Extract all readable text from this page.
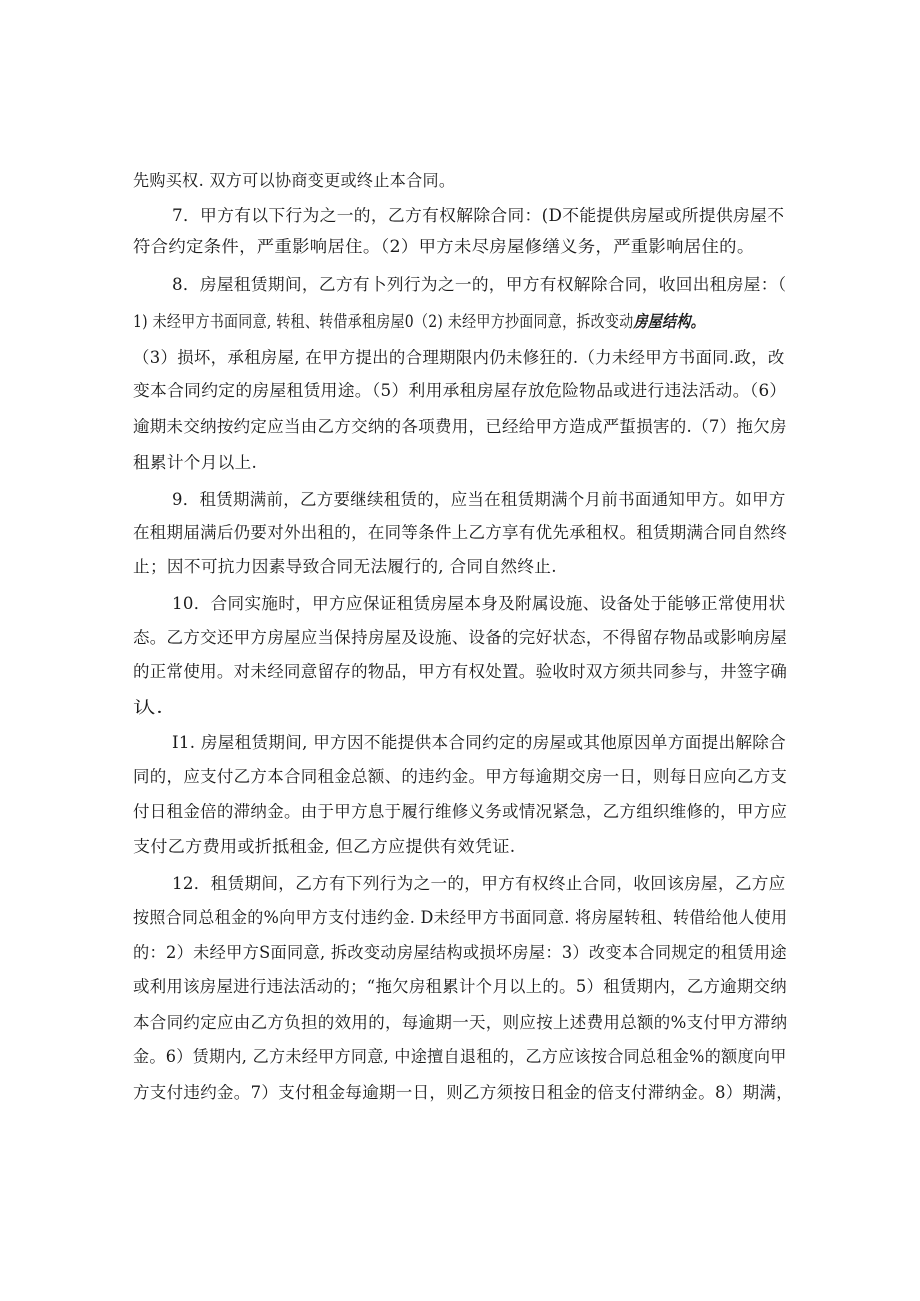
先购买权. 双方可以协商变更或终止本合同。
7．甲方有以下行为之一的，乙方有权解除合同：(D不能提供房屋或所提供房屋不
符合约定条件，严重影响居住。（2）甲方未尽房屋修缮义务，严重影响居住的。
8．房屋租赁期间，乙方有卜列行为之一的，甲方有权解除合同，收回出租房屋：（
1) 未经甲方书面同意, 转租、转借承租房屋0（2) 未经甲方抄面同意，拆改变动房屋结构。
（3）损坏，承租房屋, 在甲方提出的合理期限内仍未修狂的.（力未经甲方书面同.政，改
变本合同约定的房屋租赁用途。（5）利用承租房屋存放危险物品或进行违法活动。（6）
逾期未交纳按约定应当由乙方交纳的各项费用，已经给甲方造成严蜇损害的.（7）拖欠房
租累计个月以上.
9．租赁期满前，乙方要继续租赁的，应当在租赁期满个月前书面通知甲方。如甲方
在租期届满后仍要对外出租的，在同等条件上乙方享有优先承租权。租赁期满合同自然终
止；因不可抗力因素导致合同无法履行的, 合同自然终止.
10．合同实施时，甲方应保证租赁房屋本身及附属设施、设备处于能够正常使用状
态。乙方交还甲方房屋应当保持房屋及设施、设备的完好状态，不得留存物品或影响房屋
的正常使用。对未经同意留存的物品，甲方有权处置。验收时双方须共同参与，井签字确
认.
I1. 房屋租赁期间, 甲方因不能提供本合同约定的房屋或其他原因单方面提出解除合
同的，应支付乙方本合同租金总额、的违约金。甲方每逾期交房一日，则每日应向乙方支
付日租金倍的滞纳金。由于甲方息于履行维修义务或情况紧急，乙方组织维修的，甲方应
支付乙方费用或折抵租金, 但乙方应提供有效凭证.
12．租赁期间，乙方有下列行为之一的，甲方有权终止合同，收回该房屋，乙方应
按照合同总租金的%向甲方支付违约金. D未经甲方书面同意. 将房屋转租、转借给他人使用
的：2）未经甲方S面同意, 拆改变动房屋结构或损坏房屋：3）改变本合同规定的租赁用途
或利用该房屋进行违法活动的；“拖欠房租累计个月以上的。5）租赁期内，乙方逾期交纳
本合同约定应由乙方负担的效用的，每逾期一天，则应按上述费用总额的%支付甲方滞纳
金。6）赁期内, 乙方未经甲方同意, 中途擅自退租的，乙方应该按合同总租金%的额度向甲
方支付违约金。7）支付租金每逾期一日，则乙方须按日租金的倍支付滞纳金。8）期满，
